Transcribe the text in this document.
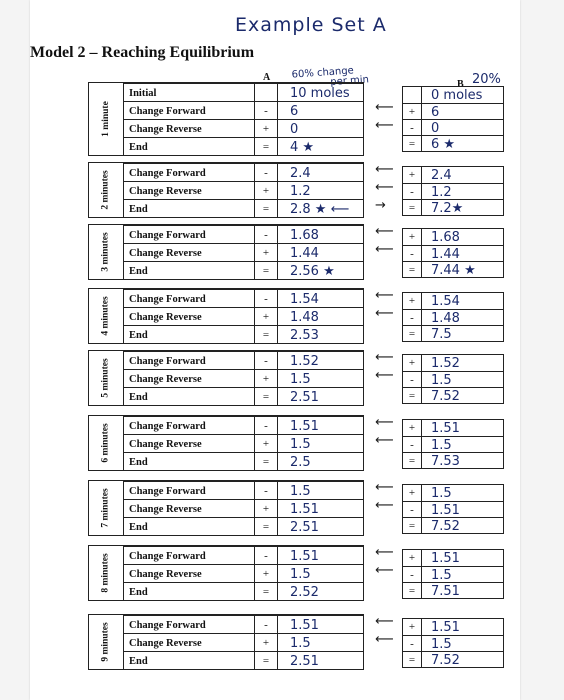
Example Set A
Model 2 – Reaching Equilibrium
A 60% change
per min	B 20%
⟵
⟵
1 minute
Initial	10 moles
Change Forward	-	6
Change Reverse	+	0
End	=	4 ★
0 moles
+	6
-	0
=	6 ★
⟵
⟵
→
2 minutes	Change Forward	-	2.4
Change Reverse	+	1.2
End	=	2.8 ★ ⟵
+	2.4
-	1.2
=	7.2★
⟵
⟵
3 minutes	Change Forward	-	1.68
Change Reverse	+	1.44
End	=	2.56 ★
+	1.68
-	1.44
=	7.44 ★
⟵
⟵
4 minutes	Change Forward	-	1.54
Change Reverse	+	1.48
End	=	2.53
+	1.54
-	1.48
=	7.5
⟵
⟵
5 minutes	Change Forward	-	1.52
Change Reverse	+	1.5
End	=	2.51
+	1.52
-	1.5
=	7.52
⟵
⟵
6 minutes	Change Forward	-	1.51
Change Reverse	+	1.5
End	=	2.5
+	1.51
-	1.5
=	7.53
⟵
⟵
7 minutes	Change Forward	-	1.5
Change Reverse	+	1.51
End	=	2.51
+	1.5
-	1.51
=	7.52
⟵
⟵
8 minutes	Change Forward	-	1.51
Change Reverse	+	1.5
End	=	2.52
+	1.51
-	1.5
=	7.51
⟵
⟵
9 minutes	Change Forward	-	1.51
Change Reverse	+	1.5
End	=	2.51
+	1.51
-	1.5
=	7.52
